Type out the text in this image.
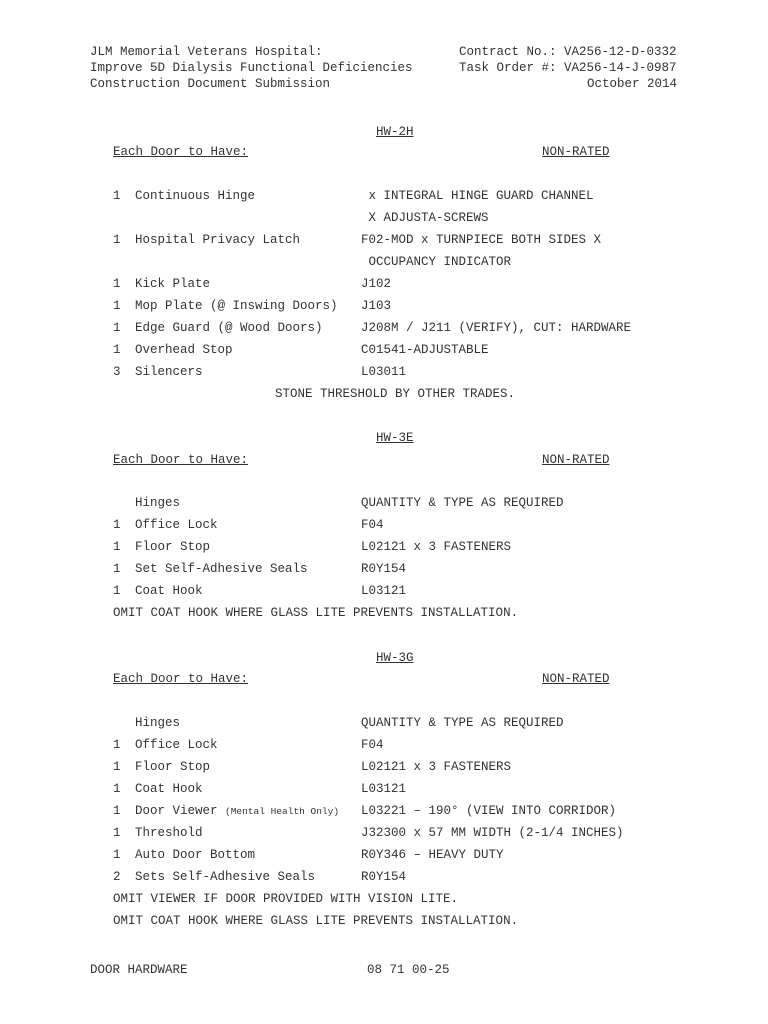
JLM Memorial Veterans Hospital:
Improve 5D Dialysis Functional Deficiencies
Construction Document Submission
Contract No.: VA256-12-D-0332
Task Order #: VA256-14-J-0987
October 2014
HW-2H
Each Door to Have:	NON-RATED
1 Continuous Hinge	x INTEGRAL HINGE GUARD CHANNEL
X ADJUSTA-SCREWS
1 Hospital Privacy Latch	F02-MOD x TURNPIECE BOTH SIDES X
OCCUPANCY INDICATOR
1 Kick Plate	J102
1 Mop Plate (@ Inswing Doors) J103
1 Edge Guard (@ Wood Doors)	J208M / J211 (VERIFY), CUT: HARDWARE
1 Overhead Stop	C01541-ADJUSTABLE
3 Silencers	L03011
STONE THRESHOLD BY OTHER TRADES.
HW-3E
Each Door to Have:	NON-RATED
Hinges	QUANTITY & TYPE AS REQUIRED
1 Office Lock	F04
1 Floor Stop	L02121 x 3 FASTENERS
1 Set Self-Adhesive Seals	R0Y154
1 Coat Hook	L03121
OMIT COAT HOOK WHERE GLASS LITE PREVENTS INSTALLATION.
HW-3G
Each Door to Have:	NON-RATED
Hinges	QUANTITY & TYPE AS REQUIRED
1 Office Lock	F04
1 Floor Stop	L02121 x 3 FASTENERS
1 Coat Hook	L03121
1 Door Viewer (Mental Health Only) L03221 – 190° (VIEW INTO CORRIDOR)
1 Threshold	J32300 x 57 MM WIDTH (2-1/4 INCHES)
1 Auto Door Bottom	R0Y346 – HEAVY DUTY
2 Sets Self-Adhesive Seals	R0Y154
OMIT VIEWER IF DOOR PROVIDED WITH VISION LITE.
OMIT COAT HOOK WHERE GLASS LITE PREVENTS INSTALLATION.
DOOR HARDWARE	08 71 00-25
